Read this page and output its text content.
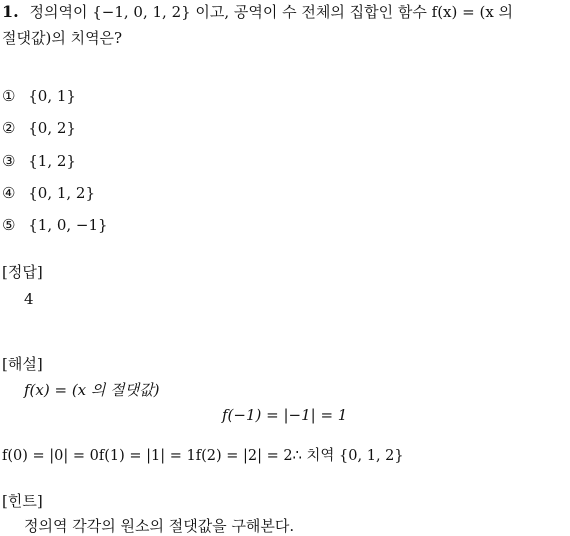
1. 정의역이 {−1, 0, 1, 2} 이고, 공역이 수 전체의 집합인 함수 f(x) = (x 의
절댓값)의 치역은?
① {0, 1}
② {0, 2}
③ {1, 2}
④ {0, 1, 2}
⑤ {1, 0, −1}
[정답]
4
[해설]
f(x) = (x 의 절댓값)
f(−1) = |−1| = 1
f(0) = |0| = 0f(1) = |1| = 1f(2) = |2| = 2∴ 치역 {0, 1, 2}
[힌트]
정의역 각각의 원소의 절댓값을 구해본다.
